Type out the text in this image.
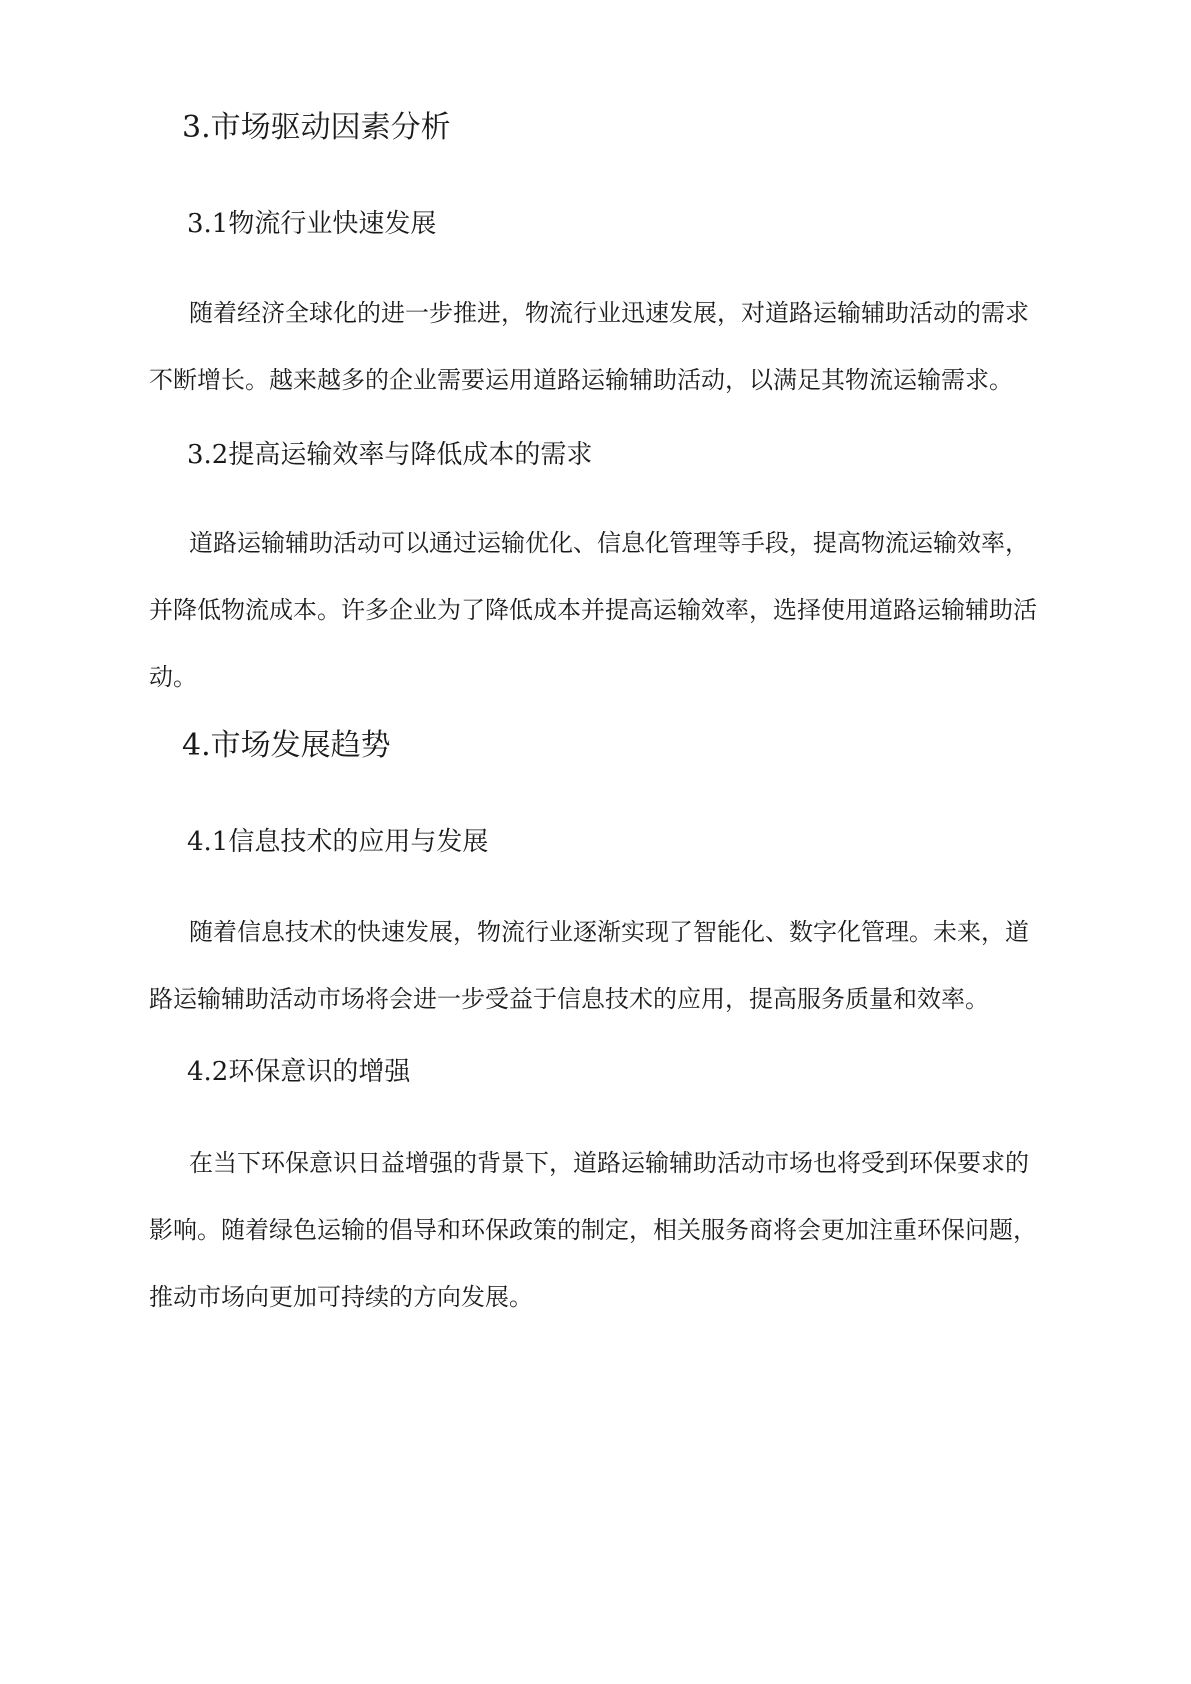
3.市场驱动因素分析
3.1物流行业快速发展
随着经济全球化的进一步推进，物流行业迅速发展，对道路运输辅助活动的需求
不断增长。越来越多的企业需要运用道路运输辅助活动，以满足其物流运输需求。
3.2提高运输效率与降低成本的需求
道路运输辅助活动可以通过运输优化、信息化管理等手段，提高物流运输效率，
并降低物流成本。许多企业为了降低成本并提高运输效率，选择使用道路运输辅助活
动。
4.市场发展趋势
4.1信息技术的应用与发展
随着信息技术的快速发展，物流行业逐渐实现了智能化、数字化管理。未来，道
路运输辅助活动市场将会进一步受益于信息技术的应用，提高服务质量和效率。
4.2环保意识的增强
在当下环保意识日益增强的背景下，道路运输辅助活动市场也将受到环保要求的
影响。随着绿色运输的倡导和环保政策的制定，相关服务商将会更加注重环保问题，
推动市场向更加可持续的方向发展。
